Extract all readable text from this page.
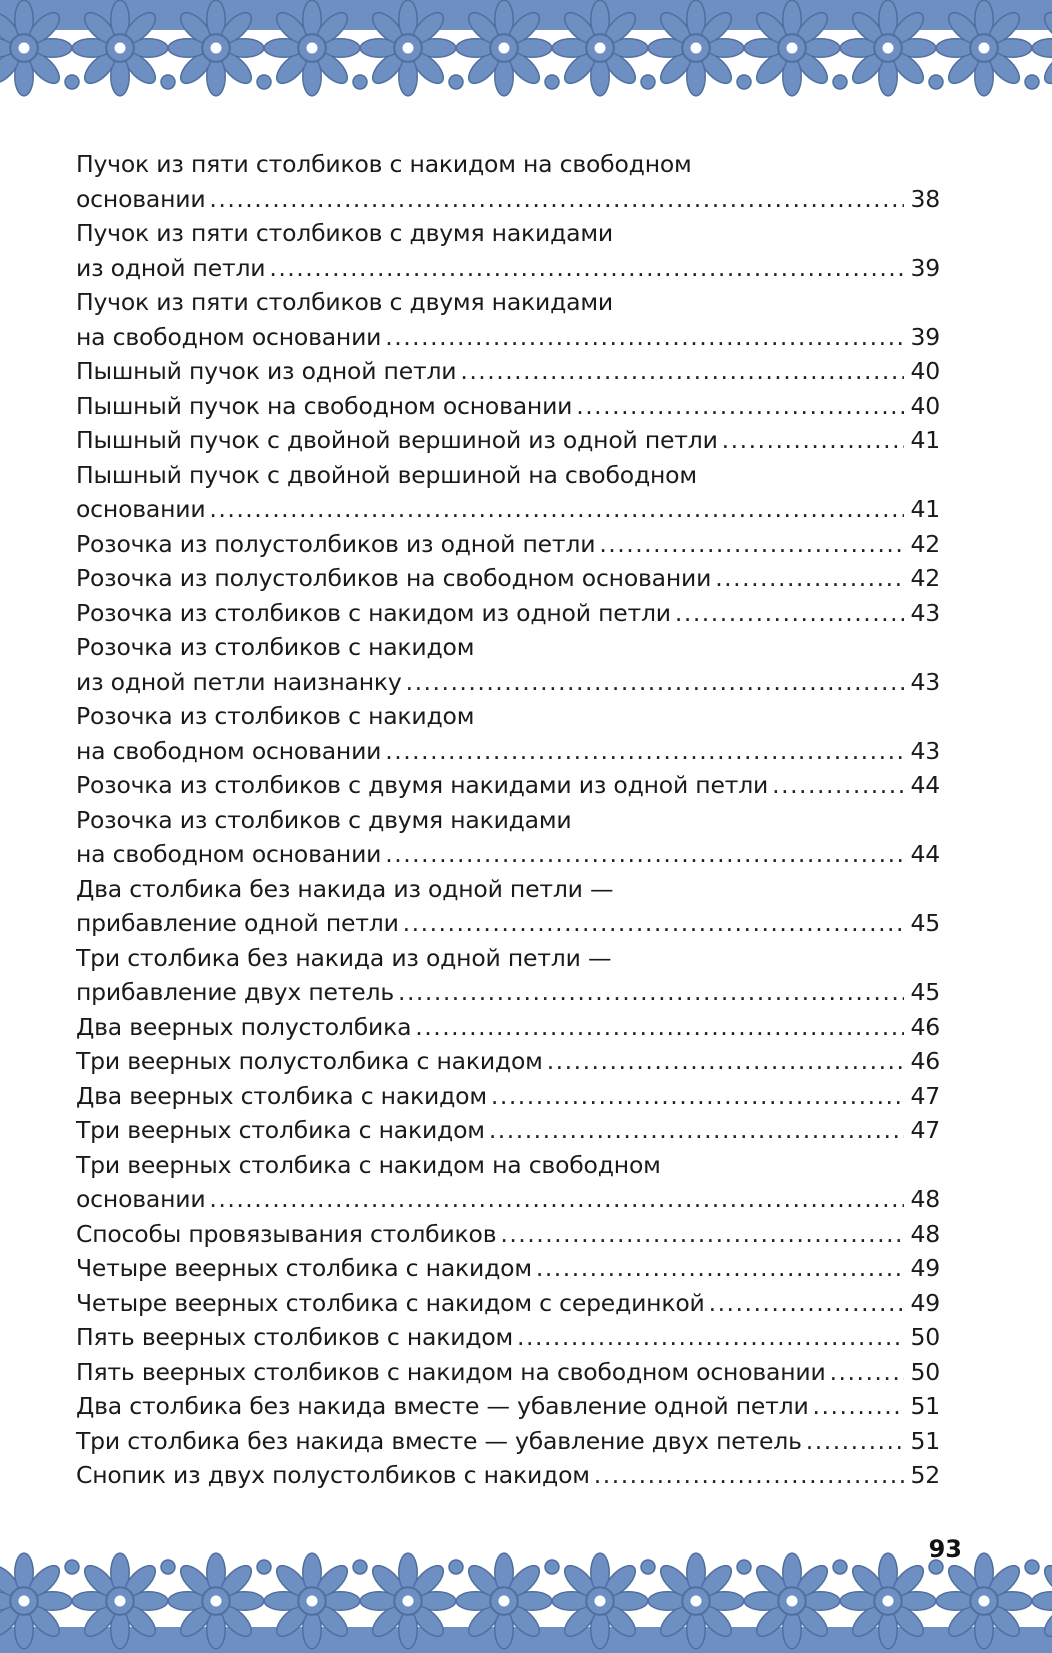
Пучок из пяти столбиков с накидом на свободном
основании .....	38
Пучок из пяти столбиков с двумя накидами
из одной петли .....	39
Пучок из пяти столбиков с двумя накидами
на свободном основании .....	39
Пышный пучок из одной петли .....	40
Пышный пучок на свободном основании .....	40
Пышный пучок с двойной вершиной из одной петли .....	41
Пышный пучок с двойной вершиной на свободном
основании .....	41
Розочка из полустолбиков из одной петли .....	42
Розочка из полустолбиков на свободном основании .....	42
Розочка из столбиков с накидом из одной петли .....	43
Розочка из столбиков с накидом
из одной петли наизнанку .....	43
Розочка из столбиков с накидом
на свободном основании .....	43
Розочка из столбиков с двумя накидами из одной петли .....	44
Розочка из столбиков с двумя накидами
на свободном основании .....	44
Два столбика без накида из одной петли —
прибавление одной петли .....	45
Три столбика без накида из одной петли —
прибавление двух петель .....	45
Два веерных полустолбика .....	46
Три веерных полустолбика с накидом .....	46
Два веерных столбика с накидом .....	47
Три веерных столбика с накидом .....	47
Три веерных столбика с накидом на свободном
основании .....	48
Способы провязывания столбиков .....	48
Четыре веерных столбика с накидом .....	49
Четыре веерных столбика с накидом с серединкой .....	49
Пять веерных столбиков с накидом .....	50
Пять веерных столбиков с накидом на свободном основании .....	50
Два столбика без накида вместе — убавление одной петли .....	51
Три столбика без накида вместе — убавление двух петель .....	51
Снопик из двух полустолбиков с накидом .....	52
93
